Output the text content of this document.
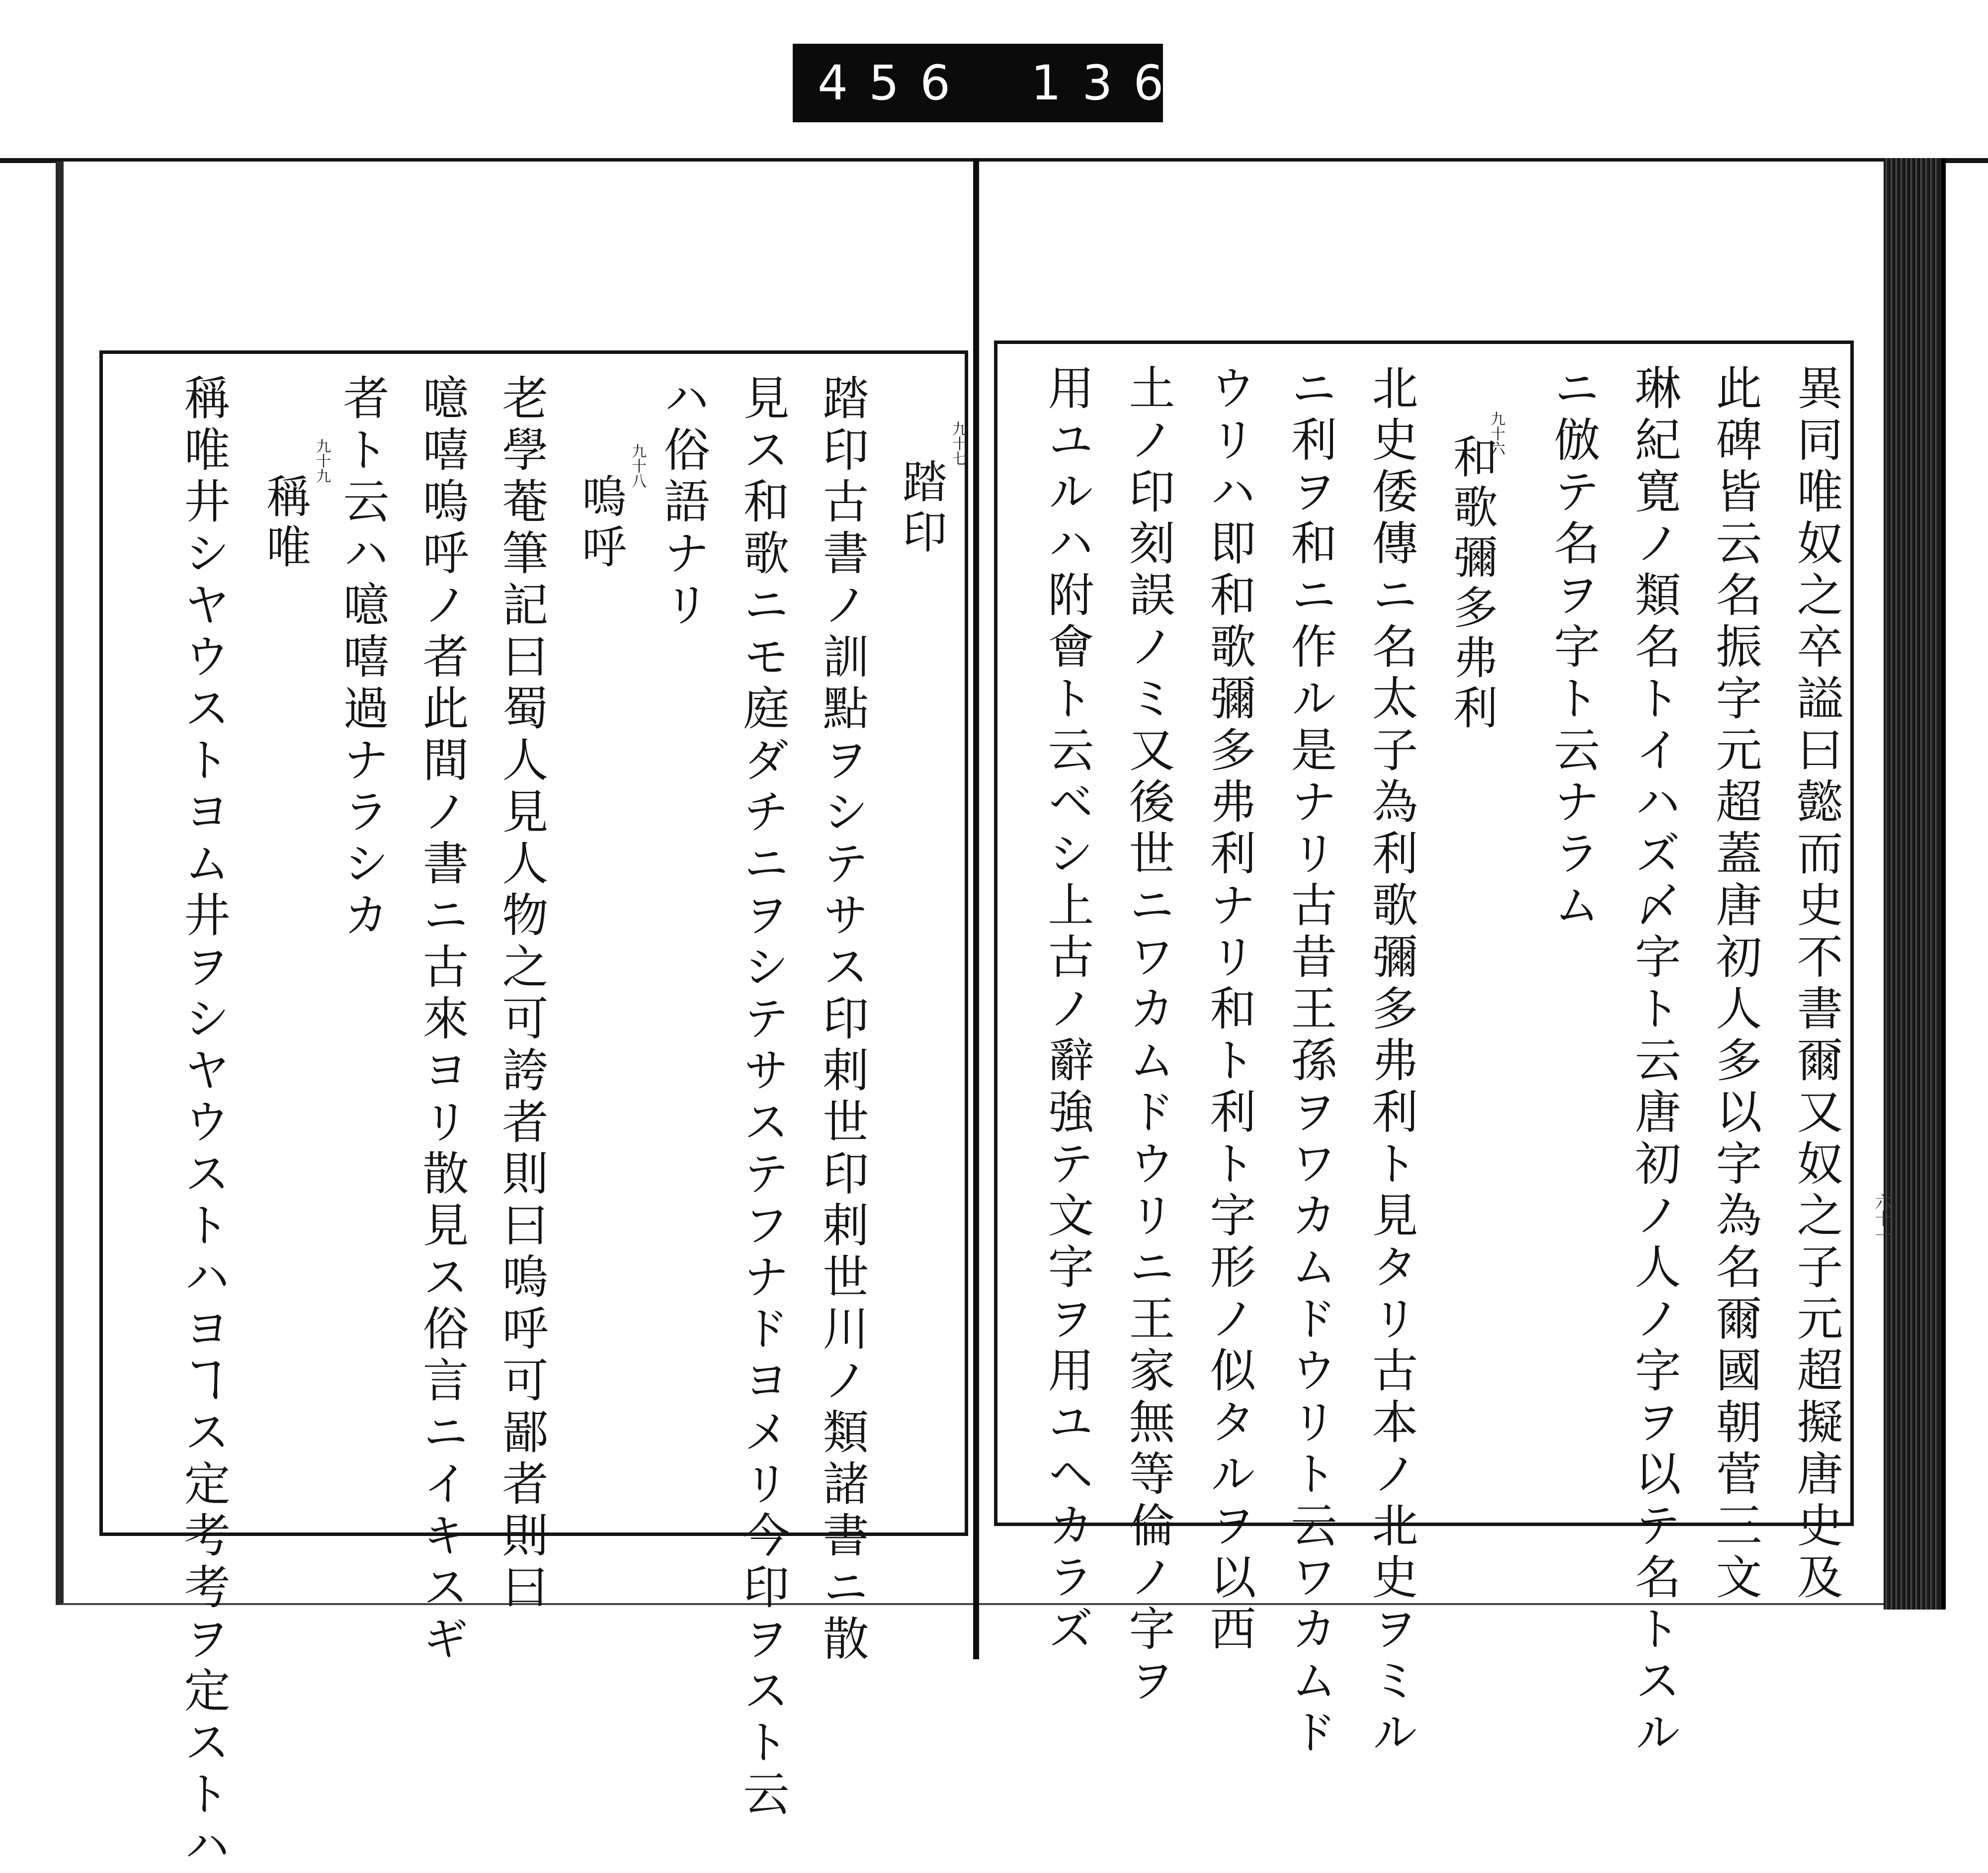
456 136.
異同唯奴之卒謚曰懿而史不書爾又奴之子元超擬唐史及
此碑皆云名振字元超蓋唐初人多以字為名爾國朝菅三文
琳紀寛ノ類名トイハズ〆字ト云唐初ノ人ノ字ヲ以テ名トスル
ニ倣テ名ヲ字ト云ナラム
九十六
和歌彌多弗利
北史倭傳ニ名太子為利歌彌多弗利ト見タリ古本ノ北史ヲミル
ニ利ヲ和ニ作ル是ナリ古昔王孫ヲワカムドウリト云ワカムド
ウリハ即和歌彌多弗利ナリ和ト利ト字形ノ似タルヲ以西
土ノ印刻誤ノミ又後世ニワカムドウリニ王家無等倫ノ字ヲ
用ユルハ附會ト云ベシ上古ノ辭強テ文字ヲ用ユヘカラズ
九十七
踏印
踏印古書ノ訓點ヲシテサス印剌世印剌世川ノ類諸書ニ散
見ス和歌ニモ庭ダチニヲシテサステフナドヨメリ今印ヲスト云
ハ俗語ナリ
九十八
嗚呼
老學菴筆記曰蜀人見人物之可誇者則曰嗚呼可鄙者則曰
噫嘻嗚呼ノ者此間ノ書ニ古來ヨリ散見ス俗言ニイキスギ
者ト云ハ噫嘻過ナラシカ
九十九
稱唯
稱唯井シヤウストヨム井ヲシヤウストハヨヿス定考考ヲ定ストハ	六十一
